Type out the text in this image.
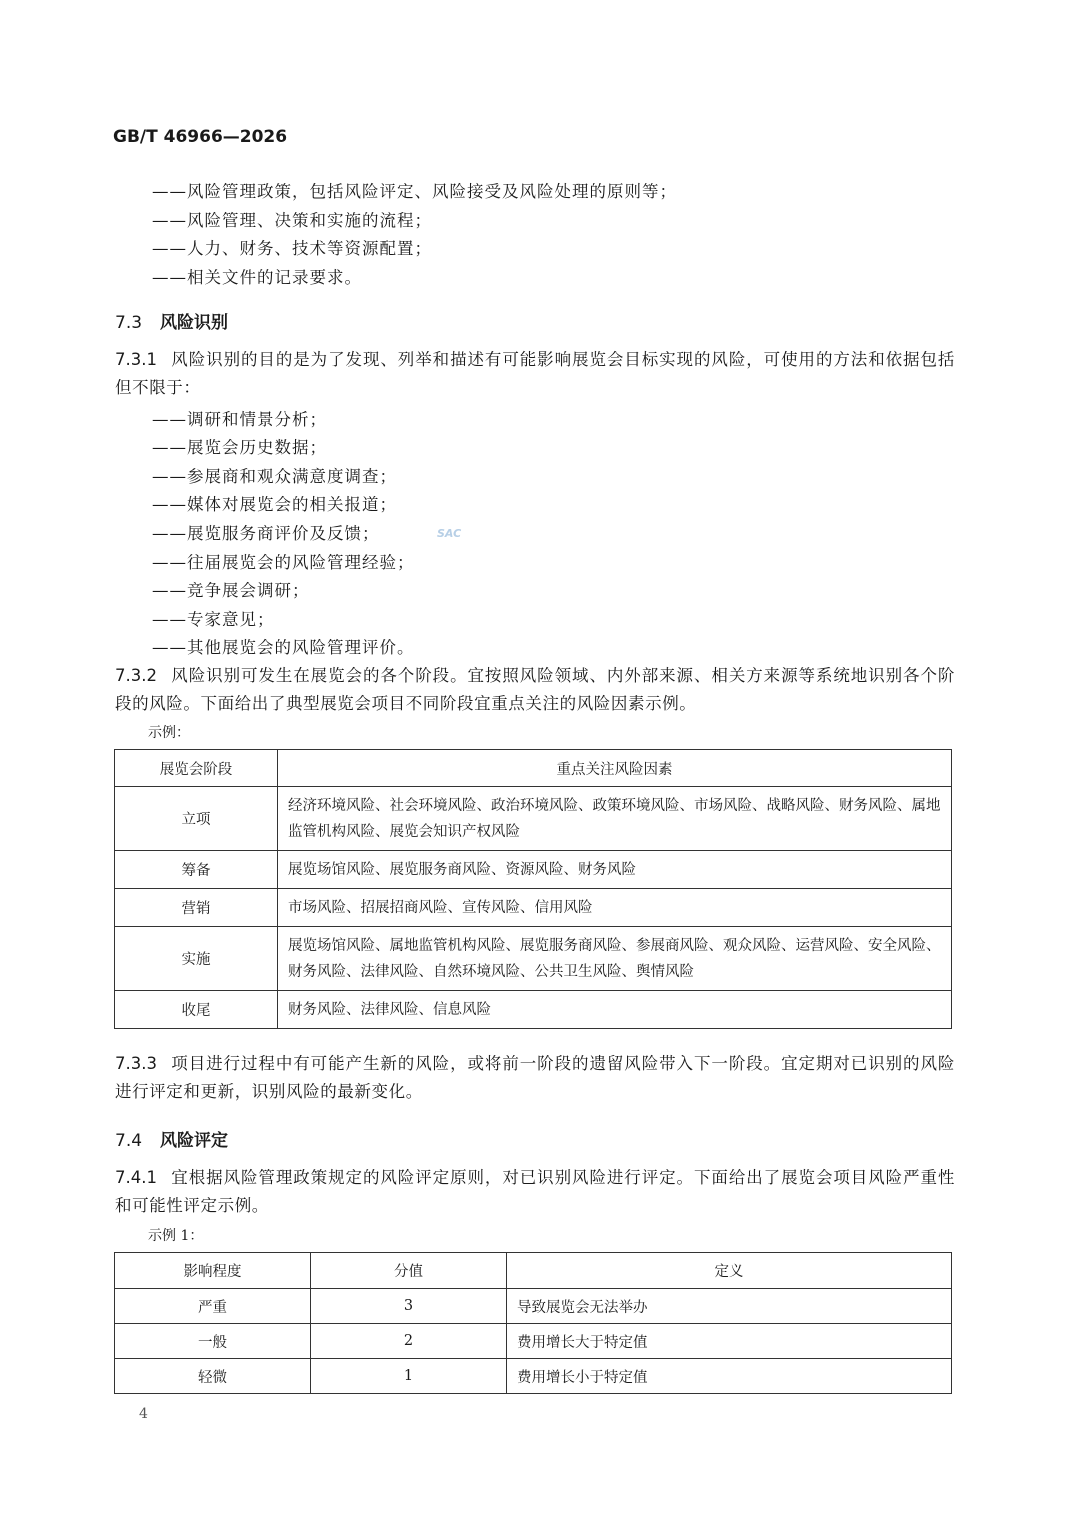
GB/T 46966—2026
——风险管理政策，包括风险评定、风险接受及风险处理的原则等；
——风险管理、决策和实施的流程；
——人力、财务、技术等资源配置；
——相关文件的记录要求。
7.3 风险识别
7.3.1 风险识别的目的是为了发现、列举和描述有可能影响展览会目标实现的风险，可使用的方法和依据包括但不限于：
——调研和情景分析；
——展览会历史数据；
——参展商和观众满意度调查；
——媒体对展览会的相关报道；
——展览服务商评价及反馈；
——往届展览会的风险管理经验；
——竞争展会调研；
——专家意见；
——其他展览会的风险管理评价。
SAC
7.3.2 风险识别可发生在展览会的各个阶段。宜按照风险领域、内外部来源、相关方来源等系统地识别各个阶段的风险。下面给出了典型展览会项目不同阶段宜重点关注的风险因素示例。
示例：
展览会阶段	重点关注风险因素
立项	经济环境风险、社会环境风险、政治环境风险、政策环境风险、市场风险、战略风险、财务风险、属地监管机构风险、展览会知识产权风险
筹备	展览场馆风险、展览服务商风险、资源风险、财务风险
营销	市场风险、招展招商风险、宣传风险、信用风险
实施	展览场馆风险、属地监管机构风险、展览服务商风险、参展商风险、观众风险、运营风险、安全风险、财务风险、法律风险、自然环境风险、公共卫生风险、舆情风险
收尾	财务风险、法律风险、信息风险
7.3.3 项目进行过程中有可能产生新的风险，或将前一阶段的遗留风险带入下一阶段。宜定期对已识别的风险进行评定和更新，识别风险的最新变化。
7.4 风险评定
7.4.1 宜根据风险管理政策规定的风险评定原则，对已识别风险进行评定。下面给出了展览会项目风险严重性和可能性评定示例。
示例 1：
影响程度	分值	定义
严重	3	导致展览会无法举办
一般	2	费用增长大于特定值
轻微	1	费用增长小于特定值
4
